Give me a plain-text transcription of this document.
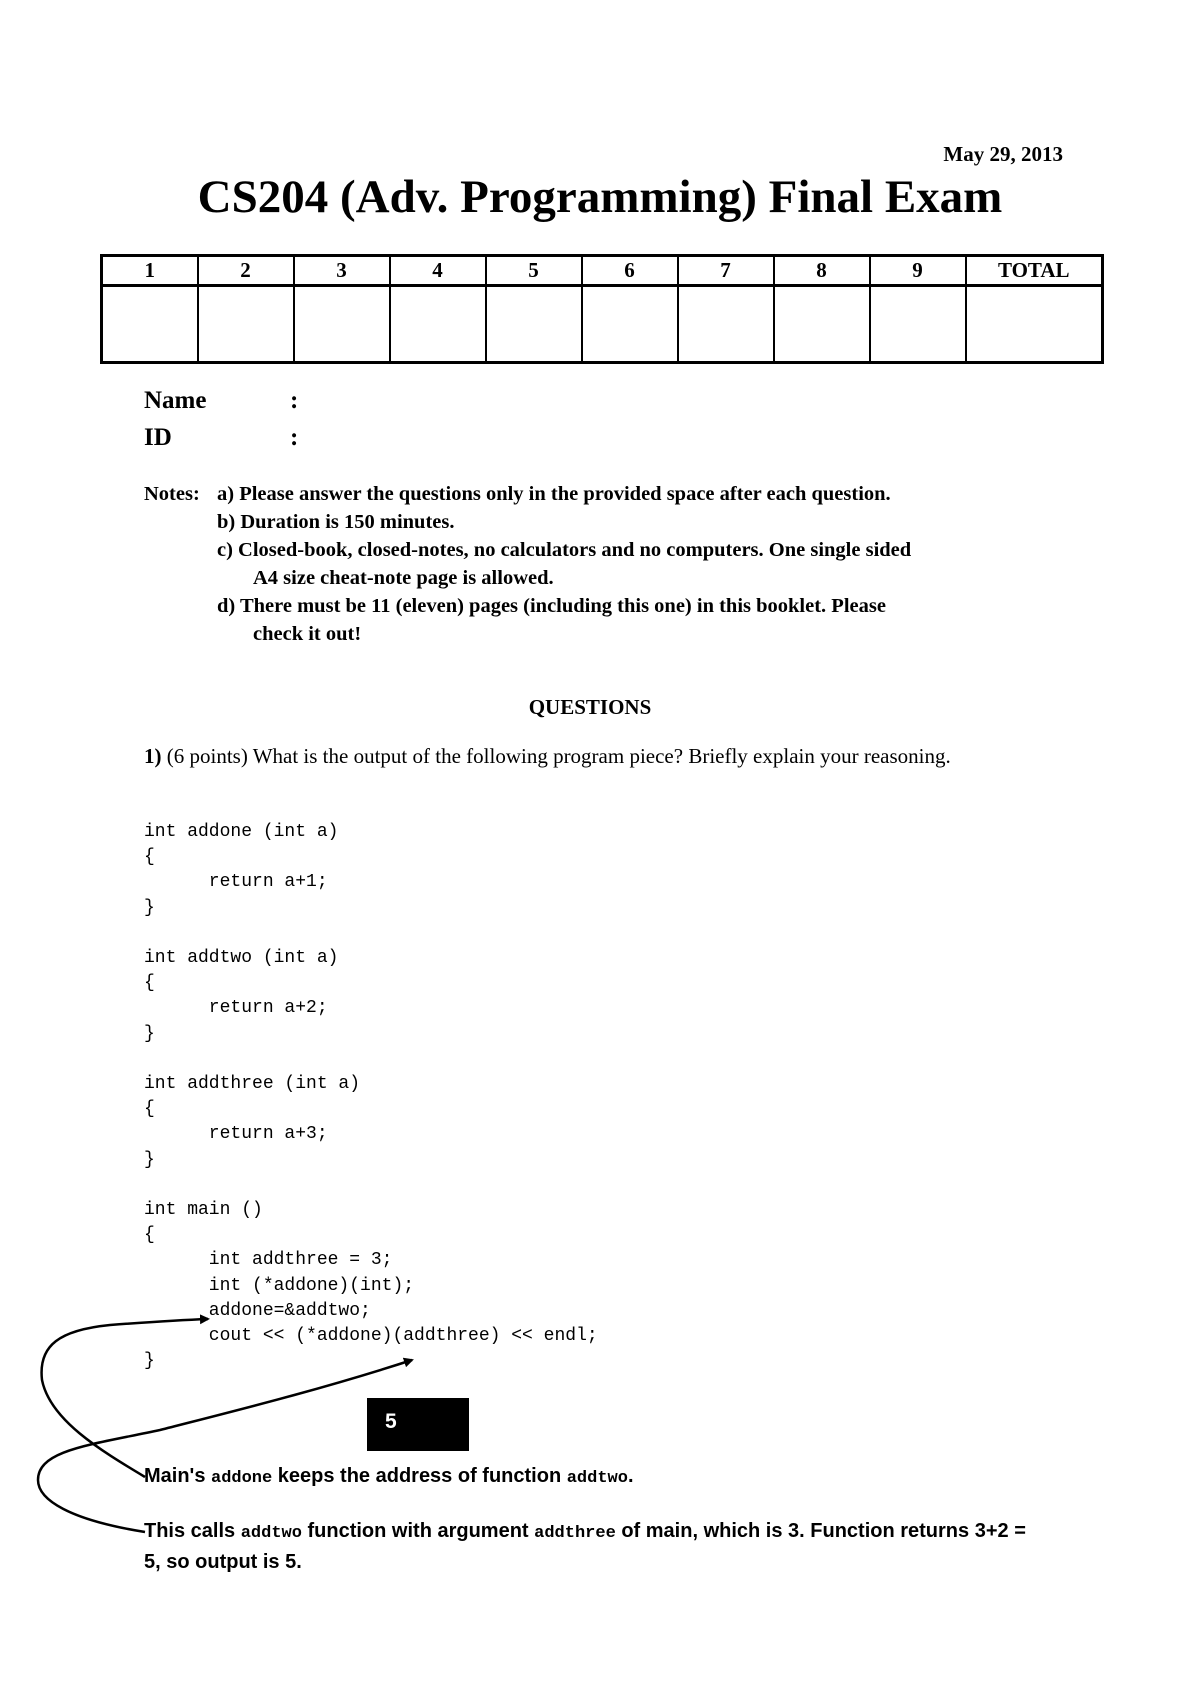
May 29, 2013
CS204 (Adv. Programming) Final Exam
1	2	3	4	5	6	7	8	9	TOTAL

Name	:
ID	:
Notes: a) Please answer the questions only in the provided space after each question.
b) Duration is 150 minutes.
c) Closed-book, closed-notes, no calculators and no computers. One single sided
A4 size cheat-note page is allowed.
d) There must be 11 (eleven) pages (including this one) in this booklet. Please
check it out!
QUESTIONS
1) (6 points) What is the output of the following program piece? Briefly explain your reasoning.
int addone (int a)
{
return a+1;
}
int addtwo (int a)
{
return a+2;
}
int addthree (int a)
{
return a+3;
}
int main ()
{
int addthree = 3;
int (*addone)(int);
addone=&addtwo;
cout << (*addone)(addthree) << endl;
}
5
Main's addone keeps the address of function addtwo.
This calls addtwo function with argument addthree of main, which is 3. Function returns 3+2 = 5, so output is 5.
